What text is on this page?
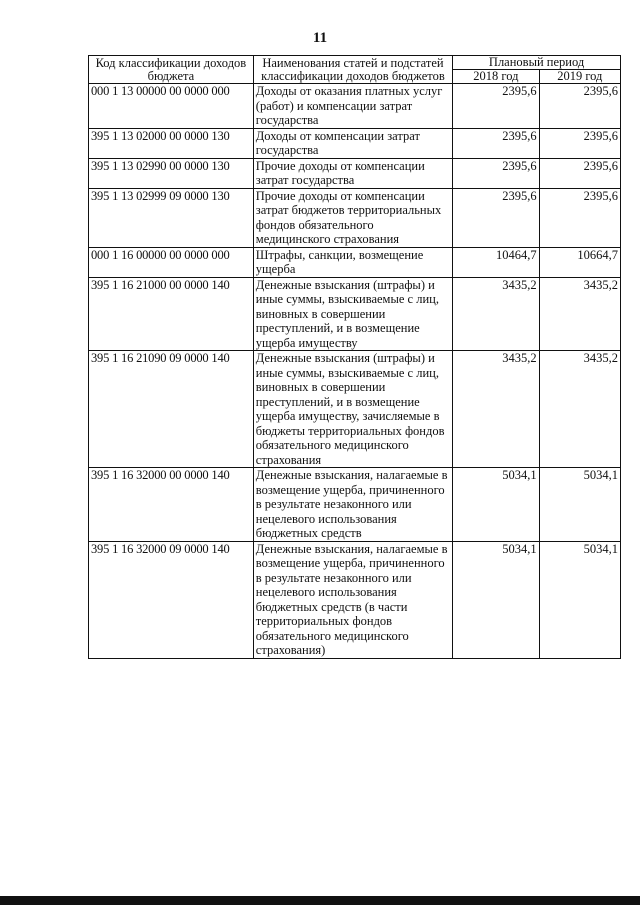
11
Код классификации доходов бюджета	Наименования статей и подстатей классификации доходов бюджетов	Плановый период	
		2018 год	2019 год
000 1 13 00000 00 0000 000	Доходы от оказания платных услуг (работ) и компенсации затрат государства	2395,6	2395,6
395 1 13 02000 00 0000 130	Доходы от компенсации затрат государства	2395,6	2395,6
395 1 13 02990 00 0000 130	Прочие доходы от компенсации затрат государства	2395,6	2395,6
395 1 13 02999 09 0000 130	Прочие доходы от компенсации затрат бюджетов территориальных фондов обязательного медицинского страхования	2395,6	2395,6
000 1 16 00000 00 0000 000	Штрафы, санкции, возмещение ущерба	10464,7	10664,7
395 1 16 21000 00 0000 140	Денежные взыскания (штрафы) и иные суммы, взыскиваемые с лиц, виновных в совершении преступлений, и в возмещение ущерба имуществу	3435,2	3435,2
395 1 16 21090 09 0000 140	Денежные взыскания (штрафы) и иные суммы, взыскиваемые с лиц, виновных в совершении преступлений, и в возмещение ущерба имуществу, зачисляемые в бюджеты территориальных фондов обязательного медицинского страхования	3435,2	3435,2
395 1 16 32000 00 0000 140	Денежные взыскания, налагаемые в возмещение ущерба, причиненного в результате незаконного или нецелевого использования бюджетных средств	5034,1	5034,1
395 1 16 32000 09 0000 140	Денежные взыскания, налагаемые в возмещение ущерба, причиненного в результате незаконного или нецелевого использования бюджетных средств (в части территориальных фондов обязательного медицинского страхования)	5034,1	5034,1
